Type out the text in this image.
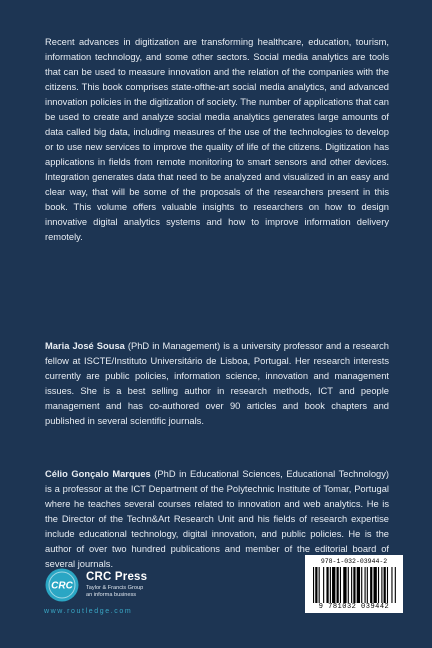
Recent advances in digitization are transforming healthcare, education, tourism, information technology, and some other sectors. Social media analytics are tools that can be used to measure innovation and the relation of the companies with the citizens. This book comprises state-ofthe-art social media analytics, and advanced innovation policies in the digitization of society. The number of applications that can be used to create and analyze social media analytics generates large amounts of data called big data, including measures of the use of the technologies to develop or to use new services to improve the quality of life of the citizens. Digitization has applications in fields from remote monitoring to smart sensors and other devices. Integration generates data that need to be analyzed and visualized in an easy and clear way, that will be some of the proposals of the researchers present in this book. This volume offers valuable insights to researchers on how to design innovative digital analytics systems and how to improve information delivery remotely.

Maria José Sousa (PhD in Management) is a university professor and a research fellow at ISCTE/Instituto Universitário de Lisboa, Portugal. Her research interests currently are public policies, information science, innovation and management issues. She is a best selling author in research methods, ICT and people management and has co-authored over 90 articles and book chapters and published in several scientific journals.

Célio Gonçalo Marques (PhD in Educational Sciences, Educational Technology) is a professor at the ICT Department of the Polytechnic Institute of Tomar, Portugal where he teaches several courses related to innovation and web analytics. He is the Director of the Techn&Art Research Unit and his fields of research expertise include educational technology, digital innovation, and public policies. He is the author of over two hundred publications and member of the editorial board of several journals.

CRC
CRC Press
Taylor & Francis Group
an informa business
www.routledge.com
978-1-032-03944-2
9 781032 039442
